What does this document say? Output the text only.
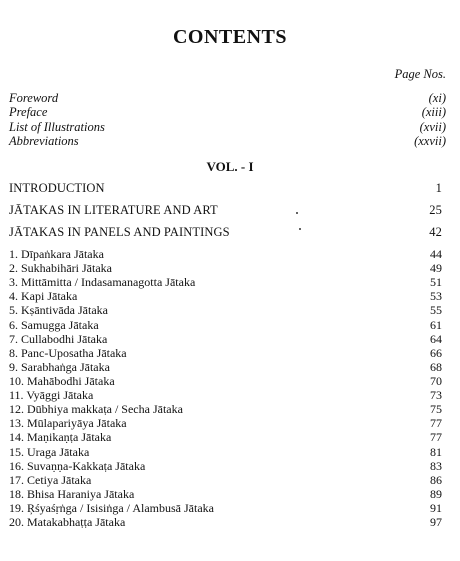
CONTENTS
Page Nos.
Foreword	(xi)
Preface	(xiii)
List of Illustrations	(xvii)
Abbreviations	(xxvii)
VOL. - I
INTRODUCTION	1
JĀTAKAS IN LITERATURE AND ART	25
JĀTAKAS IN PANELS AND PAINTINGS	42
1. Dīpaṅkara Jātaka	44
2. Sukhabihāri Jātaka	49
3. Mittāmitta / Indasamanagotta Jātaka	51
4. Kapi Jātaka	53
5. Kṣāntivāda Jātaka	55
6. Samugga Jātaka	61
7. Cullabodhi Jātaka	64
8. Panc-Uposatha Jātaka	66
9. Sarabhaṅga Jātaka	68
10. Mahābodhi Jātaka	70
11. Vyāggi Jātaka	73
12. Dūbhiya makkaṭa / Secha Jātaka	75
13. Mūlapariyāya Jātaka	77
14. Maṇikaṇṭa Jātaka	77
15. Uraga Jātaka	81
16. Suvaṇṇa-Kakkaṭa Jātaka	83
17. Cetiya Jātaka	86
18. Bhisa Haraniya Jātaka	89
19. Ŗśyaśṛṅga / Isisiṅga / Alambusā Jātaka	91
20. Matakabhaṭṭa Jātaka	97
